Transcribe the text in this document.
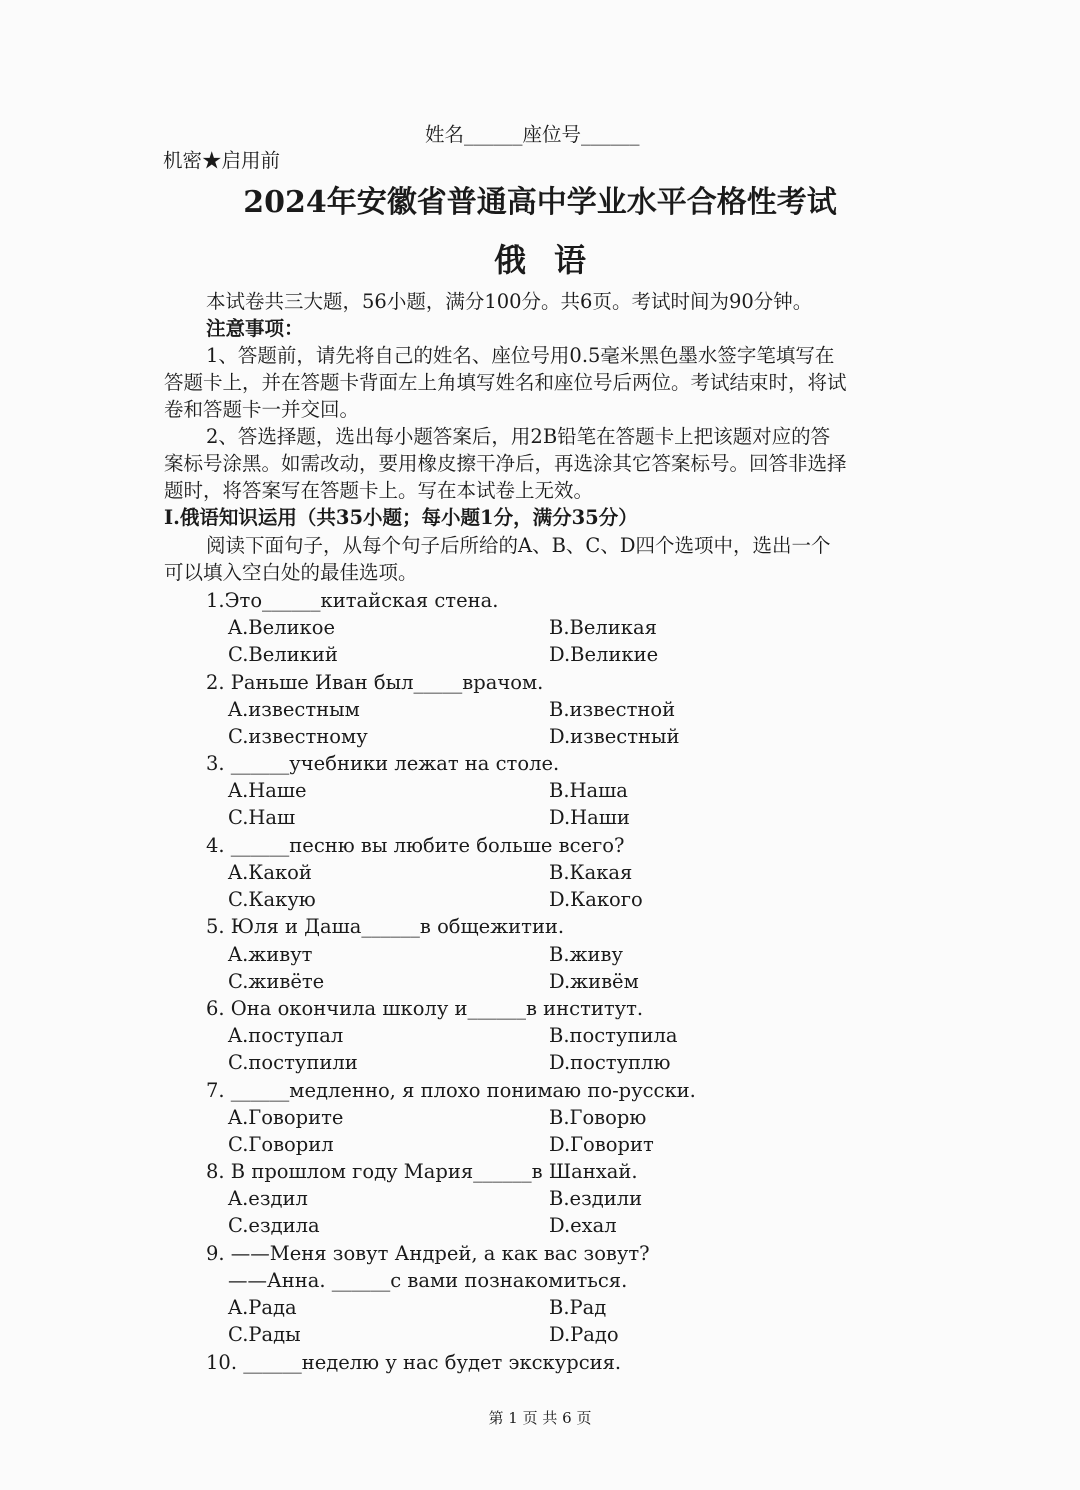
姓名______座位号______
机密★启用前
2024年安徽省普通高中学业水平合格性考试
俄语
本试卷共三大题，56小题，满分100分。共6页。考试时间为90分钟。
注意事项：
1、答题前，请先将自己的姓名、座位号用0.5毫米黑色墨水签字笔填写在
答题卡上，并在答题卡背面左上角填写姓名和座位号后两位。考试结束时，将试
卷和答题卡一并交回。
2、答选择题，选出每小题答案后，用2B铅笔在答题卡上把该题对应的答
案标号涂黑。如需改动，要用橡皮擦干净后，再选涂其它答案标号。回答非选择
题时，将答案写在答题卡上。写在本试卷上无效。
I.俄语知识运用（共35小题；每小题1分，满分35分）
阅读下面句子，从每个句子后所给的A、B、C、D四个选项中，选出一个
可以填入空白处的最佳选项。
1.Это______китайская стена.
A.Великое	B.Великая
C.Великий	D.Великие
2. Раньше Иван был_____врачом.
A.известным	B.известной
C.известному	D.известный
3. ______учебники лежат на столе.
A.Наше	B.Наша
C.Наш	D.Наши
4. ______песню вы любите больше всего?
A.Какой	B.Какая
C.Какую	D.Какого
5. Юля и Даша______в общежитии.
A.живут	B.живу
C.живёте	D.живём
6. Она окончила школу и______в институт.
A.поступал	B.поступила
C.поступили	D.поступлю
7. ______медленно, я плохо понимаю по-русски.
A.Говорите	B.Говорю
C.Говорил	D.Говорит
8. В прошлом году Мария______в Шанхай.
A.ездил	B.ездили
C.ездила	D.ехал
9. ——Меня зовут Андрей, а как вас зовут?
——Анна. ______с вами познакомиться.
A.Рада	B.Рад
C.Рады	D.Радо
10. ______неделю у нас будет экскурсия.
第 1 页 共 6 页
